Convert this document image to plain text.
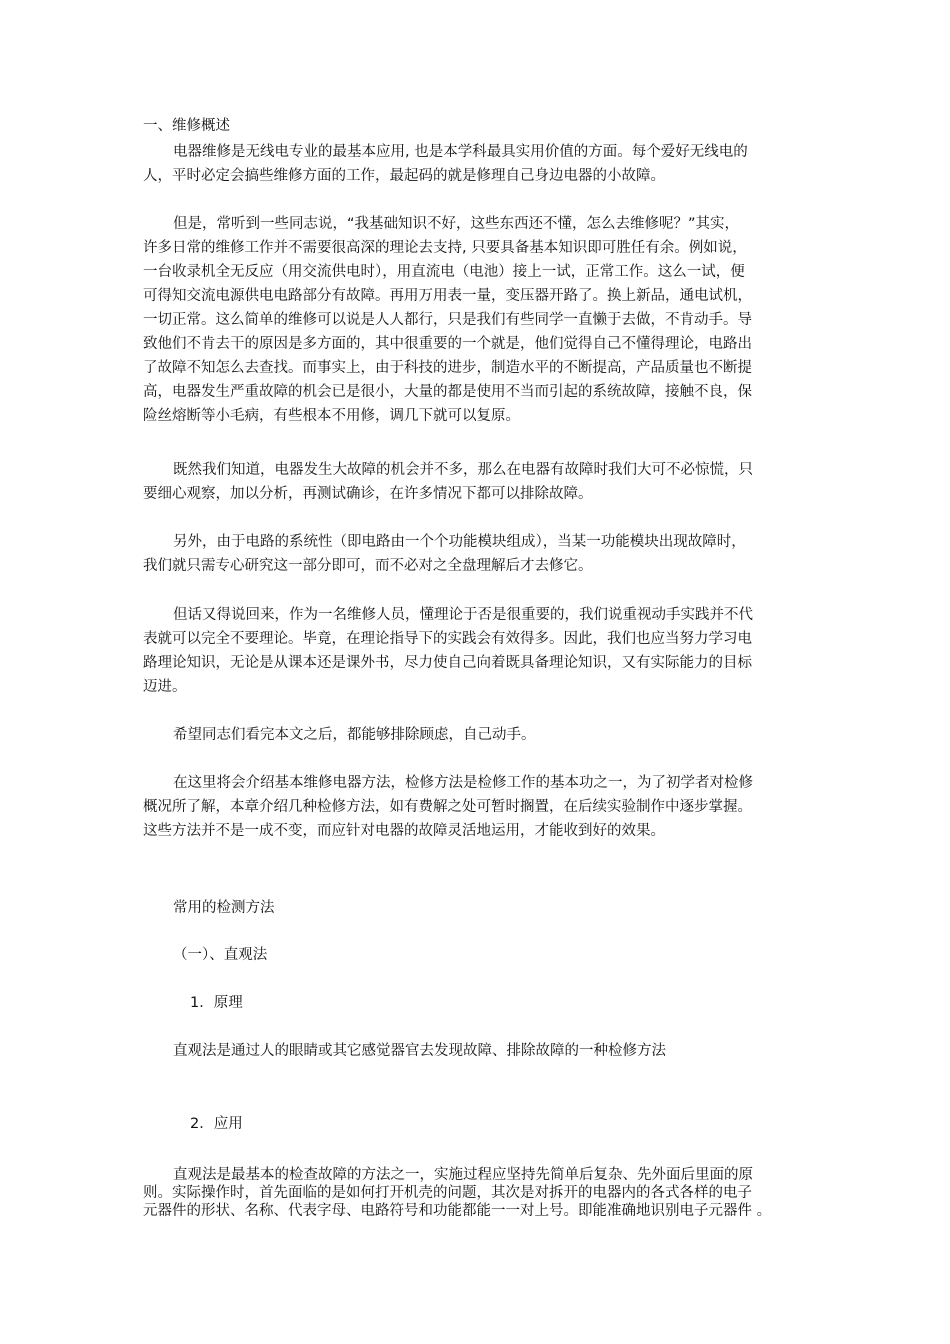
一、维修概述
电器维修是无线电专业的最基本应用, 也是本学科最具实用价值的方面。每个爱好无线电的
人，平时必定会搞些维修方面的工作，最起码的就是修理自己身边电器的小故障。
但是，常听到一些同志说，“我基础知识不好，这些东西还不懂，怎么去维修呢？”其实，
许多日常的维修工作并不需要很高深的理论去支持, 只要具备基本知识即可胜任有余。例如说，
一台收录机全无反应（用交流供电时），用直流电（电池）接上一试，正常工作。这么一试，便
可得知交流电源供电电路部分有故障。再用万用表一量，变压器开路了。换上新品，通电试机，
一切正常。这么简单的维修可以说是人人都行，只是我们有些同学一直懒于去做，不肯动手。导
致他们不肯去干的原因是多方面的，其中很重要的一个就是，他们觉得自己不懂得理论，电路出
了故障不知怎么去查找。而事实上，由于科技的进步，制造水平的不断提高，产品质量也不断提
高，电器发生严重故障的机会已是很小，大量的都是使用不当而引起的系统故障，接触不良，保
险丝熔断等小毛病，有些根本不用修，调几下就可以复原。
既然我们知道，电器发生大故障的机会并不多，那么在电器有故障时我们大可不必惊慌，只
要细心观察，加以分析，再测试确诊，在许多情况下都可以排除故障。
另外，由于电路的系统性（即电路由一个个功能模块组成），当某一功能模块出现故障时，
我们就只需专心研究这一部分即可，而不必对之全盘理解后才去修它。
但话又得说回来，作为一名维修人员，懂理论于否是很重要的，我们说重视动手实践并不代
表就可以完全不要理论。毕竟，在理论指导下的实践会有效得多。因此，我们也应当努力学习电
路理论知识，无论是从课本还是课外书，尽力使自己向着既具备理论知识，又有实际能力的目标
迈进。
希望同志们看完本文之后，都能够排除顾虑，自己动手。
在这里将会介绍基本维修电器方法，检修方法是检修工作的基本功之一，为了初学者对检修
概况所了解，本章介绍几种检修方法，如有费解之处可暂时搁置，在后续实验制作中逐步掌握。
这些方法并不是一成不变，而应针对电器的故障灵活地运用，才能收到好的效果。
常用的检测方法
（一）、直观法
1．原理
直观法是通过人的眼睛或其它感觉器官去发现故障、排除故障的一种检修方法
2．应用
直观法是最基本的检查故障的方法之一，实施过程应坚持先简单后复杂、先外面后里面的原
则。实际操作时，首先面临的是如何打开机壳的问题，其次是对拆开的电器内的各式各样的电子
元器件的形状、名称、代表字母、电路符号和功能都能一一对上号。即能准确地识别电子元器件 。
